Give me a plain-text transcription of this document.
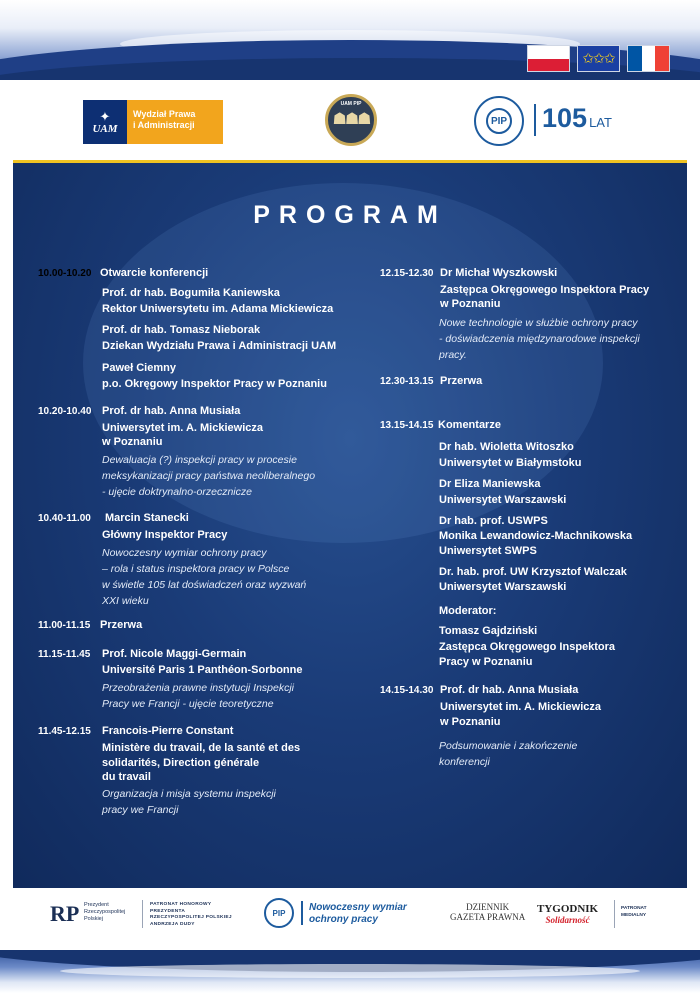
✩✩✩
✦
UAM
Wydział Prawa
i Administracji
UAM PIP
☗☗☗	PIP 105 LAT
PROGRAM
10.00-10.20 Otwarcie konferencji
Prof. dr hab. Bogumiła Kaniewska
Rektor Uniwersytetu im. Adama Mickiewicza
Prof. dr hab. Tomasz Nieborak
Dziekan Wydziału Prawa i Administracji UAM
Paweł Ciemny
p.o. Okręgowy Inspektor Pracy w Poznaniu
10.20-10.40 Prof. dr hab. Anna Musiała
Uniwersytet im. A. Mickiewicza
w Poznaniu
Dewaluacja (?) inspekcji pracy w procesie
meksykanizacji pracy państwa neoliberalnego
- ujęcie doktrynalno-orzecznicze
10.40-11.00 Marcin Stanecki
Główny Inspektor Pracy
Nowoczesny wymiar ochrony pracy
– rola i status inspektora pracy w Polsce
w świetle 105 lat doświadczeń oraz wyzwań
XXI wieku
11.00-11.15 Przerwa
11.15-11.45 Prof. Nicole Maggi-Germain
Université Paris 1 Panthéon-Sorbonne
Przeobrażenia prawne instytucji Inspekcji
Pracy we Francji - ujęcie teoretyczne
11.45-12.15 Francois-Pierre Constant
Ministère du travail, de la santé et des
solidarités, Direction générale
du travail
Organizacja i misja systemu inspekcji
pracy we Francji
12.15-12.30 Dr Michał Wyszkowski
Zastępca Okręgowego Inspektora Pracy
w Poznaniu
Nowe technologie w służbie ochrony pracy
- doświadczenia międzynarodowe inspekcji
pracy.
12.30-13.15 Przerwa
13.15-14.15 Komentarze
Dr hab. Wioletta Witoszko
Uniwersytet w Białymstoku
Dr Eliza Maniewska
Uniwersytet Warszawski
Dr hab. prof. USWPS
Monika Lewandowicz-Machnikowska
Uniwersytet SWPS
Dr. hab. prof. UW Krzysztof Walczak
Uniwersytet Warszawski
Moderator:
Tomasz Gajdziński
Zastępca Okręgowego Inspektora
Pracy w Poznaniu
14.15-14.30 Prof. dr hab. Anna Musiała
Uniwersytet im. A. Mickiewicza
w Poznaniu
Podsumowanie i zakończenie
konferencji
RP Prezydent
Rzeczypospolitej
Polskiej
PATRONAT HONOROWY
PREZYDENTA
RZECZYPOSPOLITEJ POLSKIEJ
ANDRZEJA DUDY
PIP	Nowoczesny wymiar
ochrony pracy
DZIENNIK
GAZETA PRAWNA
TYGODNIK
Solidarność
PATRONAT
MEDIALNY
